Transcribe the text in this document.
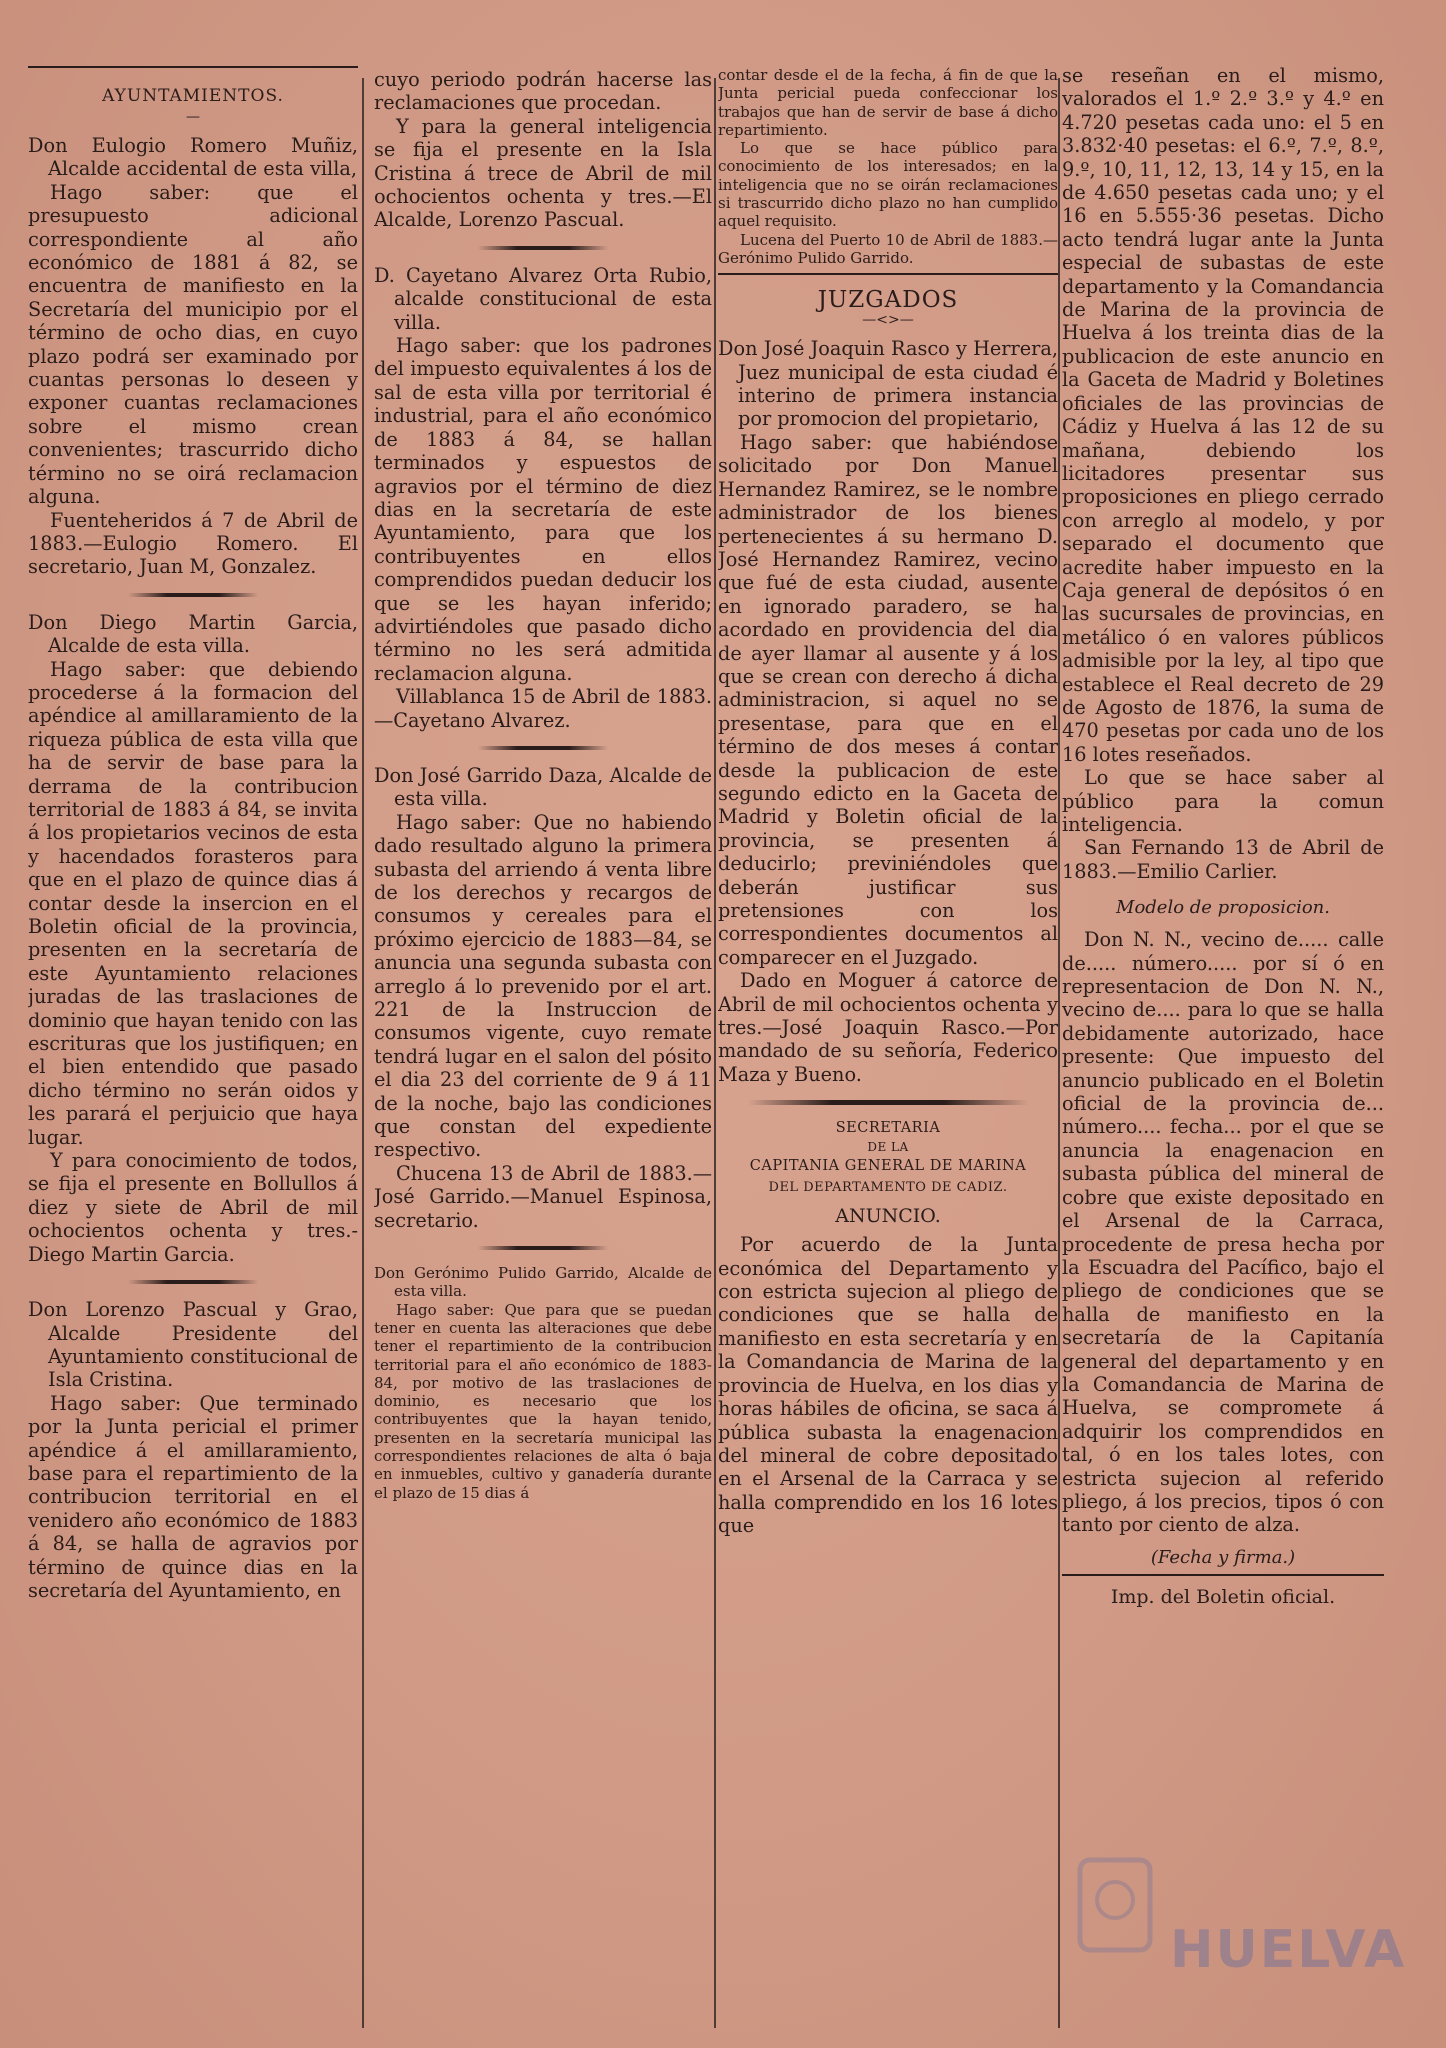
AYUNTAMIENTOS.
—

Don Eulogio Romero Muñiz, Alcalde accidental de esta villa,

Hago saber: que el presupuesto adicional correspondiente al año económico de 1881 á 82, se encuentra de manifiesto en la Secretaría del municipio por el término de ocho dias, en cuyo plazo podrá ser examinado por cuantas personas lo deseen y exponer cuantas reclamaciones sobre el mismo crean convenientes; trascurrido dicho término no se oirá reclamacion alguna.

Fuenteheridos á 7 de Abril de 1883.—Eulogio Romero. El secretario, Juan M, Gonzalez.

Don Diego Martin Garcia, Alcalde de esta villa.

Hago saber: que debiendo procederse á la formacion del apéndice al amillaramiento de la riqueza pública de esta villa que ha de servir de base para la derrama de la contribucion territorial de 1883 á 84, se invita á los propietarios vecinos de esta y hacendados forasteros para que en el plazo de quince dias á contar desde la insercion en el Boletin oficial de la provincia, presenten en la secretaría de este Ayuntamiento relaciones juradas de las traslaciones de dominio que hayan tenido con las escrituras que los justifiquen; en el bien entendido que pasado dicho término no serán oidos y les parará el perjuicio que haya lugar.

Y para conocimiento de todos, se fija el presente en Bollullos á diez y siete de Abril de mil ochocientos ochenta y tres.-Diego Martin Garcia.

Don Lorenzo Pascual y Grao, Alcalde Presidente del Ayuntamiento constitucional de Isla Cristina.

Hago saber: Que terminado por la Junta pericial el primer apéndice á el amillaramiento, base para el repartimiento de la contribucion territorial en el venidero año económico de 1883 á 84, se halla de agravios por término de quince dias en la secretaría del Ayuntamiento, en

cuyo periodo podrán hacerse las reclamaciones que procedan.

Y para la general inteligencia se fija el presente en la Isla Cristina á trece de Abril de mil ochocientos ochenta y tres.—El Alcalde, Lorenzo Pascual.

D. Cayetano Alvarez Orta Rubio, alcalde constitucional de esta villa.

Hago saber: que los padrones del impuesto equivalentes á los de sal de esta villa por territorial é industrial, para el año económico de 1883 á 84, se hallan terminados y espuestos de agravios por el término de diez dias en la secretaría de este Ayuntamiento, para que los contribuyentes en ellos comprendidos puedan deducir los que se les hayan inferido; advirtiéndoles que pasado dicho término no les será admitida reclamacion alguna.

Villablanca 15 de Abril de 1883.—Cayetano Alvarez.

Don José Garrido Daza, Alcalde de esta villa.

Hago saber: Que no habiendo dado resultado alguno la primera subasta del arriendo á venta libre de los derechos y recargos de consumos y cereales para el próximo ejercicio de 1883—84, se anuncia una segunda subasta con arreglo á lo prevenido por el art. 221 de la Instruccion de consumos vigente, cuyo remate tendrá lugar en el salon del pósito el dia 23 del corriente de 9 á 11 de la noche, bajo las condiciones que constan del expediente respectivo.

Chucena 13 de Abril de 1883.—José Garrido.—Manuel Espinosa, secretario.

Don Gerónimo Pulido Garrido, Alcalde de esta villa.

Hago saber: Que para que se puedan tener en cuenta las alteraciones que debe tener el repartimiento de la contribucion territorial para el año económico de 1883-84, por motivo de las traslaciones de dominio, es necesario que los contribuyentes que la hayan tenido, presenten en la secretaría municipal las correspondientes relaciones de alta ó baja en inmuebles, cultivo y ganadería durante el plazo de 15 dias á

contar desde el de la fecha, á fin de que la Junta pericial pueda confeccionar los trabajos que han de servir de base á dicho repartimiento.

Lo que se hace público para conocimiento de los interesados; en la inteligencia que no se oirán reclamaciones si trascurrido dicho plazo no han cumplido aquel requisito.

Lucena del Puerto 10 de Abril de 1883.—Gerónimo Pulido Garrido.

JUZGADOS
—<>—

Don José Joaquin Rasco y Herrera, Juez municipal de esta ciudad é interino de primera instancia por promocion del propietario,

Hago saber: que habiéndose solicitado por Don Manuel Hernandez Ramirez, se le nombre administrador de los bienes pertenecientes á su hermano D. José Hernandez Ramirez, vecino que fué de esta ciudad, ausente en ignorado paradero, se ha acordado en providencia del dia de ayer llamar al ausente y á los que se crean con derecho á dicha administracion, si aquel no se presentase, para que en el término de dos meses á contar desde la publicacion de este segundo edicto en la Gaceta de Madrid y Boletin oficial de la provincia, se presenten á deducirlo; previniéndoles que deberán justificar sus pretensiones con los correspondientes documentos al comparecer en el Juzgado.

Dado en Moguer á catorce de Abril de mil ochocientos ochenta y tres.—José Joaquin Rasco.—Por mandado de su señoría, Federico Maza y Bueno.

SECRETARIA
DE LA
CAPITANIA GENERAL DE MARINA
DEL DEPARTAMENTO DE CADIZ.
ANUNCIO.

Por acuerdo de la Junta económica del Departamento y con estricta sujecion al pliego de condiciones que se halla de manifiesto en esta secretaría y en la Comandancia de Marina de la provincia de Huelva, en los dias y horas hábiles de oficina, se saca á pública subasta la enagenacion del mineral de cobre depositado en el Arsenal de la Carraca y se halla comprendido en los 16 lotes que

se reseñan en el mismo, valorados el 1.º 2.º 3.º y 4.º en 4.720 pesetas cada uno: el 5 en 3.832·40 pesetas: el 6.º, 7.º, 8.º, 9.º, 10, 11, 12, 13, 14 y 15, en la de 4.650 pesetas cada uno; y el 16 en 5.555·36 pesetas. Dicho acto tendrá lugar ante la Junta especial de subastas de este departamento y la Comandancia de Marina de la provincia de Huelva á los treinta dias de la publicacion de este anuncio en la Gaceta de Madrid y Boletines oficiales de las provincias de Cádiz y Huelva á las 12 de su mañana, debiendo los licitadores presentar sus proposiciones en pliego cerrado con arreglo al modelo, y por separado el documento que acredite haber impuesto en la Caja general de depósitos ó en las sucursales de provincias, en metálico ó en valores públicos admisible por la ley, al tipo que establece el Real decreto de 29 de Agosto de 1876, la suma de 470 pesetas por cada uno de los 16 lotes reseñados.

Lo que se hace saber al público para la comun inteligencia.

San Fernando 13 de Abril de 1883.—Emilio Carlier.

Modelo de proposicion.

Don N. N., vecino de..... calle de..... número..... por sí ó en representacion de Don N. N., vecino de.... para lo que se halla debidamente autorizado, hace presente: Que impuesto del anuncio publicado en el Boletin oficial de la provincia de... número.... fecha... por el que se anuncia la enagenacion en subasta pública del mineral de cobre que existe depositado en el Arsenal de la Carraca, procedente de presa hecha por la Escuadra del Pacífico, bajo el pliego de condiciones que se halla de manifiesto en la secretaría de la Capitanía general del departamento y en la Comandancia de Marina de Huelva, se compromete á adquirir los comprendidos en tal, ó en los tales lotes, con estricta sujecion al referido pliego, á los precios, tipos ó con tanto por ciento de alza.

(Fecha y firma.)
Imp. del Boletin oficial.
HUELVA
